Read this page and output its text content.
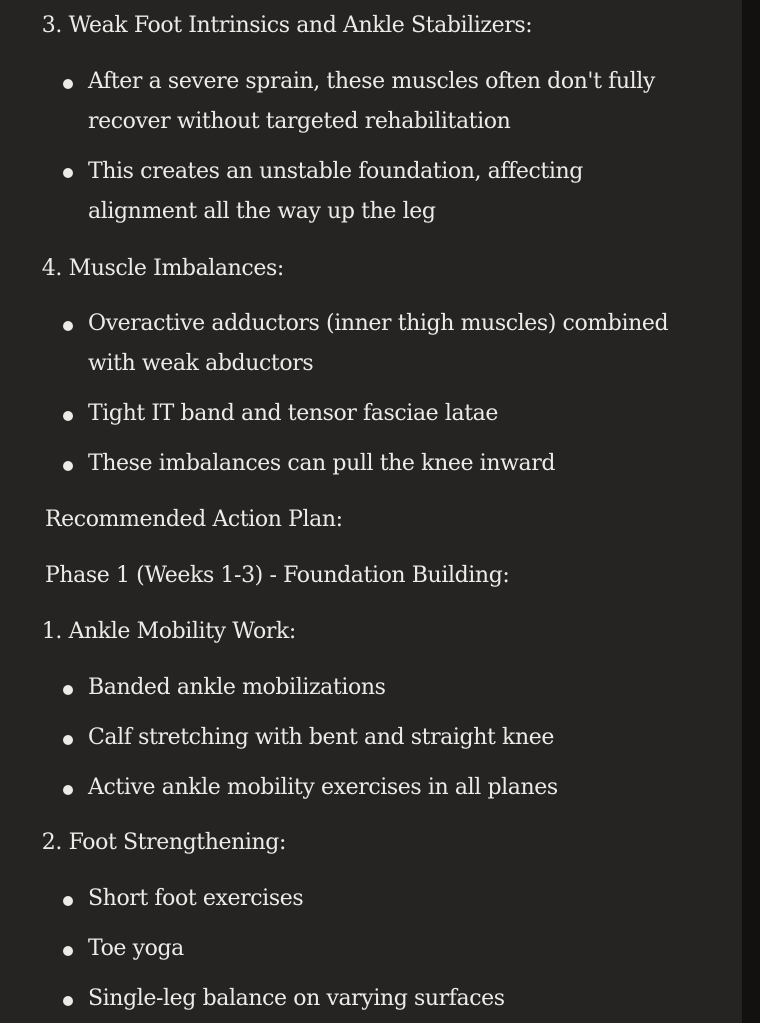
3. Weak Foot Intrinsics and Ankle Stabilizers:
After a severe sprain, these muscles often don't fully
recover without targeted rehabilitation
This creates an unstable foundation, affecting
alignment all the way up the leg
4. Muscle Imbalances:
Overactive adductors (inner thigh muscles) combined
with weak abductors
Tight IT band and tensor fasciae latae
These imbalances can pull the knee inward
Recommended Action Plan:
Phase 1 (Weeks 1-3) - Foundation Building:
1. Ankle Mobility Work:
Banded ankle mobilizations
Calf stretching with bent and straight knee
Active ankle mobility exercises in all planes
2. Foot Strengthening:
Short foot exercises
Toe yoga
Single-leg balance on varying surfaces
